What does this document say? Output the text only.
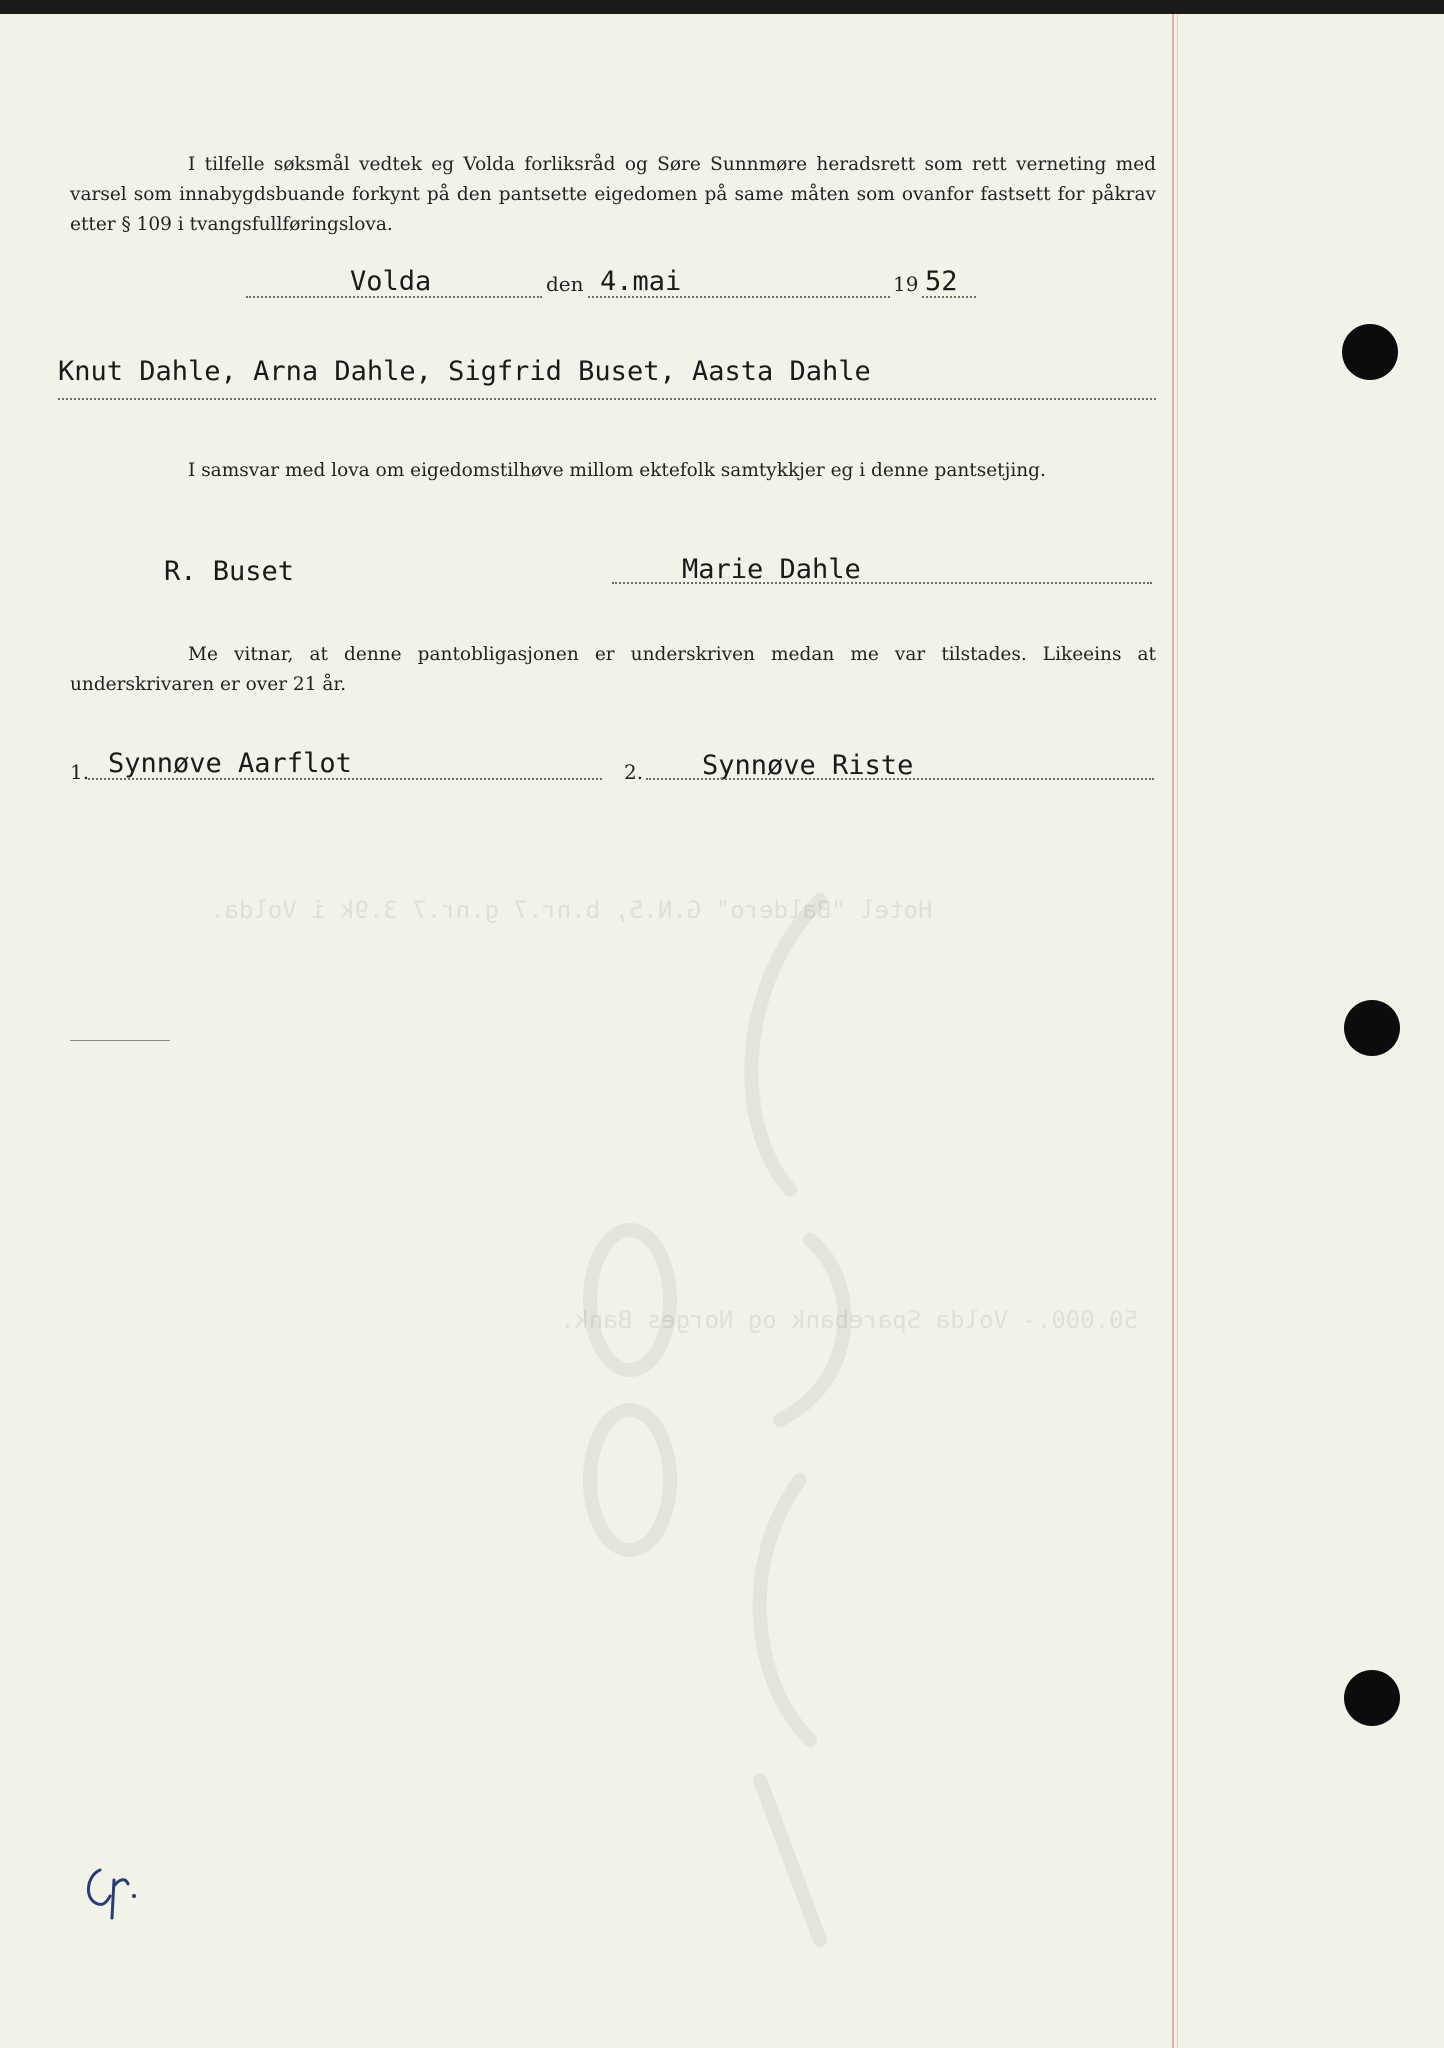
Hotel "Baldero" G.N.5, b.nr.7 g.nr.7 3.9k i Volda.
50.000.- Volda Sparebank og Norges Bank.
I tilfelle søksmål vedtek eg Volda forliksråd og Søre Sunnmøre heradsrett som rett verneting med varsel som innabygdsbuande forkynt på den pantsette eigedomen på same måten som ovanfor fastsett for påkrav etter § 109 i tvangsfullføringslova.
Volda	den 4.mai	19 52
Knut Dahle, Arna Dahle, Sigfrid Buset, Aasta Dahle
I samsvar med lova om eigedomstilhøve millom ektefolk samtykkjer eg i denne pantsetjing.
R. Buset	Marie Dahle
Me vitnar, at denne pantobligasjonen er underskriven medan me var tilstades. Likeeins at underskrivaren er over 21 år.
1. Synnøve Aarflot	2. Synnøve Riste
